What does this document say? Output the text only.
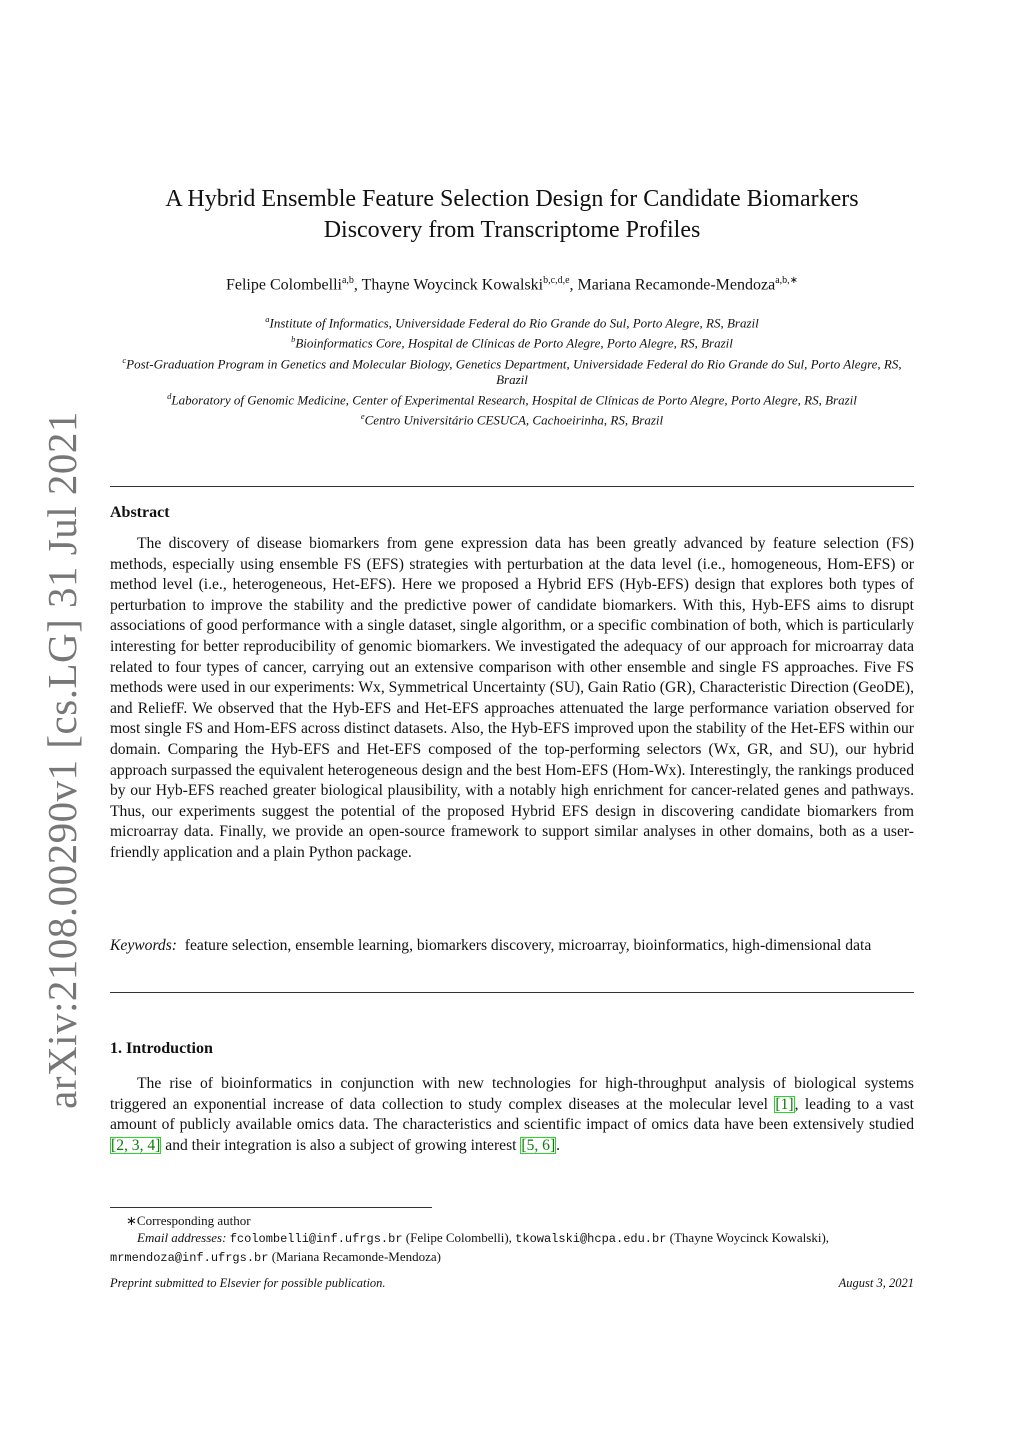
arXiv:2108.00290v1 [cs.LG] 31 Jul 2021
A Hybrid Ensemble Feature Selection Design for Candidate Biomarkers
Discovery from Transcriptome Profiles
Felipe Colombelli$^{a,b}$, Thayne Woycinck Kowalski$^{b,c,d,e}$, Mariana Recamonde-Mendoza$^{a,b,∗}$
$^a$Institute of Informatics, Universidade Federal do Rio Grande do Sul, Porto Alegre, RS, Brazil
$^b$Bioinformatics Core, Hospital de Clínicas de Porto Alegre, Porto Alegre, RS, Brazil
$^c$Post-Graduation Program in Genetics and Molecular Biology, Genetics Department, Universidade Federal do Rio Grande do Sul, Porto Alegre, RS, Brazil
$^d$Laboratory of Genomic Medicine, Center of Experimental Research, Hospital de Clínicas de Porto Alegre, Porto Alegre, RS, Brazil
$^e$Centro Universitário CESUCA, Cachoeirinha, RS, Brazil
Abstract
The discovery of disease biomarkers from gene expression data has been greatly advanced by feature selection (FS) methods, especially using ensemble FS (EFS) strategies with perturbation at the data level (i.e., homogeneous, Hom-EFS) or method level (i.e., heterogeneous, Het-EFS). Here we proposed a Hybrid EFS (Hyb-EFS) design that explores both types of perturbation to improve the stability and the predictive power of candidate biomarkers. With this, Hyb-EFS aims to disrupt associations of good performance with a single dataset, single algorithm, or a specific combination of both, which is particularly interesting for better reproducibility of genomic biomarkers. We investigated the adequacy of our approach for microarray data related to four types of cancer, carrying out an extensive comparison with other ensemble and single FS approaches. Five FS methods were used in our experiments: Wx, Symmetrical Uncertainty (SU), Gain Ratio (GR), Characteristic Direction (GeoDE), and ReliefF. We observed that the Hyb-EFS and Het-EFS approaches attenuated the large performance variation observed for most single FS and Hom-EFS across distinct datasets. Also, the Hyb-EFS improved upon the stability of the Het-EFS within our domain. Comparing the Hyb-EFS and Het-EFS composed of the top-performing selectors (Wx, GR, and SU), our hybrid approach surpassed the equivalent heterogeneous design and the best Hom-EFS (Hom-Wx). Interestingly, the rankings produced by our Hyb-EFS reached greater biological plausibility, with a notably high enrichment for cancer-related genes and pathways. Thus, our experiments suggest the potential of the proposed Hybrid EFS design in discovering candidate biomarkers from microarray data. Finally, we provide an open-source framework to support similar analyses in other domains, both as a user-friendly application and a plain Python package.
Keywords: feature selection, ensemble learning, biomarkers discovery, microarray, bioinformatics, high-dimensional data
1. Introduction
The rise of bioinformatics in conjunction with new technologies for high-throughput analysis of biological systems triggered an exponential increase of data collection to study complex diseases at the molecular level [1], leading to a vast amount of publicly available omics data. The characteristics and scientific impact of omics data have been extensively studied [2, 3, 4] and their integration is also a subject of growing interest [5, 6].
∗Corresponding author
Email addresses: fcolombelli@inf.ufrgs.br (Felipe Colombelli), tkowalski@hcpa.edu.br (Thayne Woycinck Kowalski),
mrmendoza@inf.ufrgs.br (Mariana Recamonde-Mendoza)
Preprint submitted to Elsevier for possible publication.	August 3, 2021
